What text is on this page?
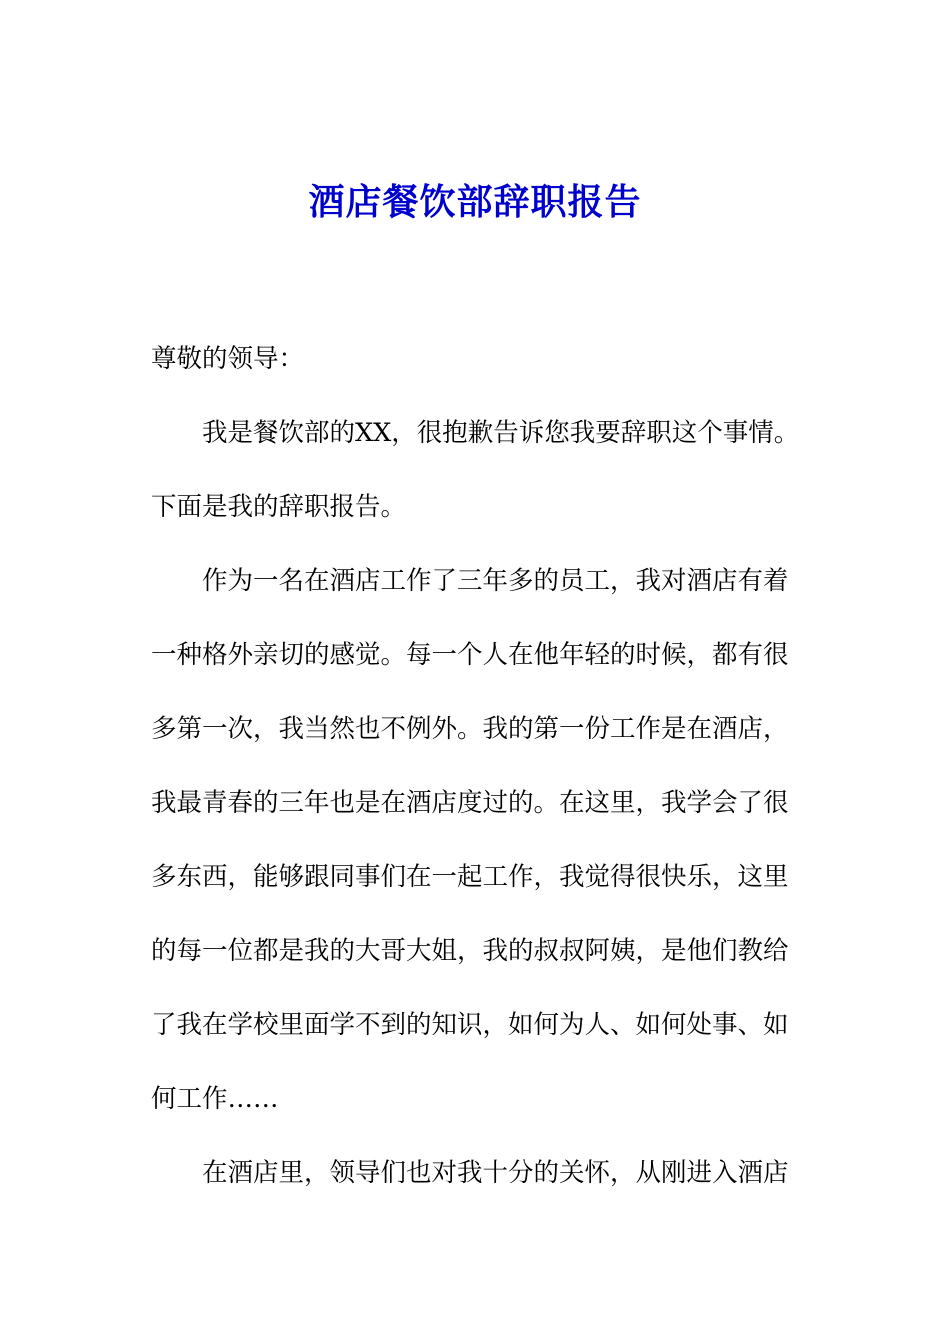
酒店餐饮部辞职报告
尊敬的领导：

我是餐饮部的XX，很抱歉告诉您我要辞职这个事情。
下面是我的辞职报告。

作为一名在酒店工作了三年多的员工，我对酒店有着
一种格外亲切的感觉。每一个人在他年轻的时候，都有很
多第一次，我当然也不例外。我的第一份工作是在酒店，
我最青春的三年也是在酒店度过的。在这里，我学会了很
多东西，能够跟同事们在一起工作，我觉得很快乐，这里
的每一位都是我的大哥大姐，我的叔叔阿姨，是他们教给
了我在学校里面学不到的知识，如何为人、如何处事、如
何工作……

在酒店里，领导们也对我十分的关怀，从刚进入酒店
